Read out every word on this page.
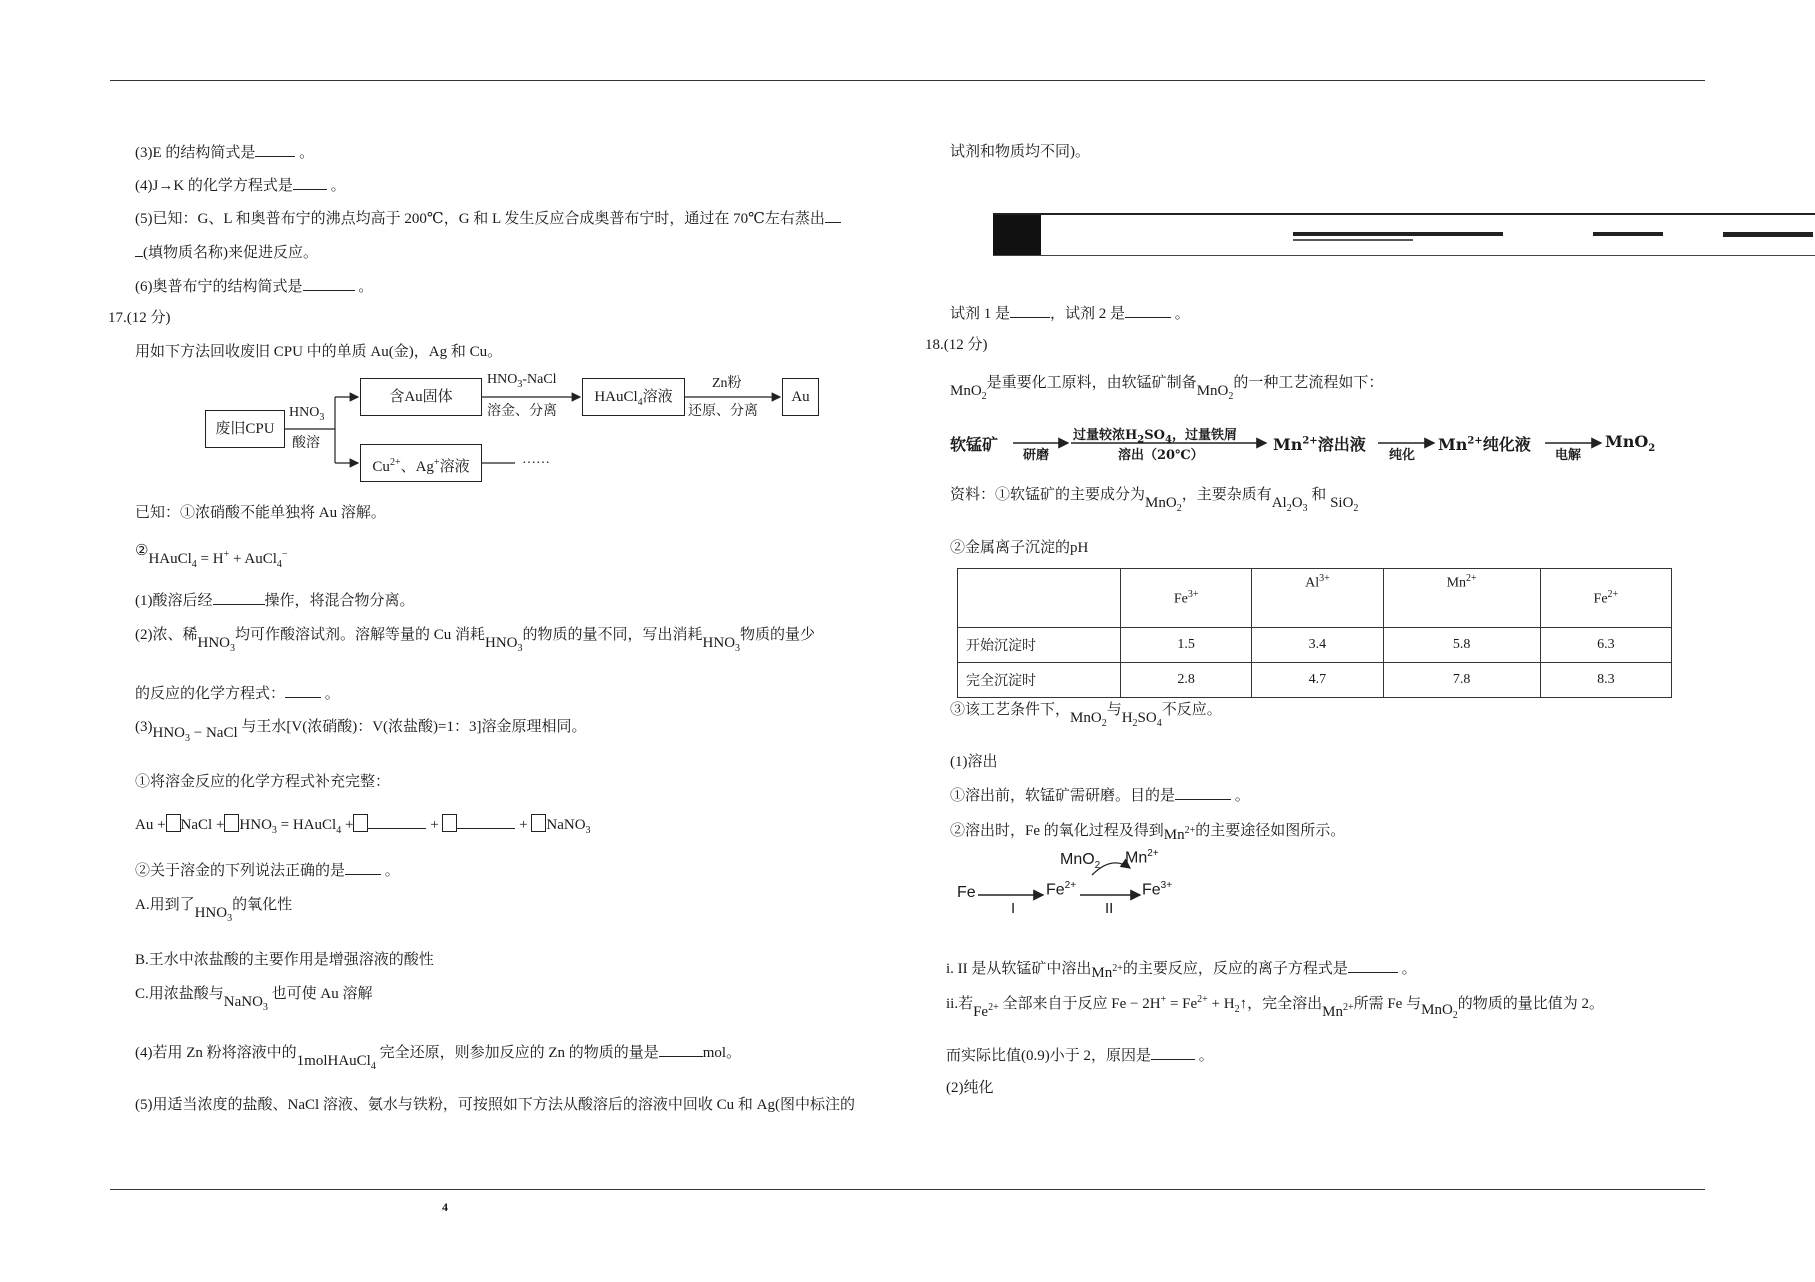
(3)E 的结构简式是	。
(4)J→K 的化学方程式是 。
(5)已知：G、L 和奥普布宁的沸点均高于 200℃，G 和 L 发生反应合成奥普布宁时，通过在 70℃左右蒸出
(填物质名称)来促进反应。
(6)奥普布宁的结构简式是	。
17.(12 分)
用如下方法回收废旧 CPU 中的单质 Au(金)，Ag 和 Cu。
废旧CPU
$HNO_3$
酸溶
含Au固体
$HNO_3$-NaCl
溶金、分离
HAuCl$_4$溶液
Zn粉
还原、分离
Au
$Cu^{2+}$、Ag+溶液	……
已知：①浓硝酸不能单独将 Au 溶解。
②HAuCl$_4$ = H+ + AuCl$_4$−
(1)酸溶后经	操作，将混合物分离。
(2)浓、稀$HNO_3$均可作酸溶试剂。溶解等量的 Cu 消耗$HNO_3$的物质的量不同，写出消耗$HNO_3$物质的量少
的反应的化学方程式： 。
$(3)HNO_3$ − NaCl 与王水[V(浓硝酸)：V(浓盐酸)=1：3]溶金原理相同。
①将溶金反应的化学方程式补充完整：
Au + NaCl + $HNO_3$ = HAuCl$_4$ +	+	+ NaNO$_3$
②关于溶金的下列说法正确的是 。
A.用到了$HNO_3$的氧化性
B.王水中浓盐酸的主要作用是增强溶液的酸性
C.用浓盐酸与NaNO$_3$ 也可使 Au 溶解
(4)若用 Zn 粉将溶液中的1molHAuCl$_4$ 完全还原，则参加反应的 Zn 的物质的量是	mol。
(5)用适当浓度的盐酸、NaCl 溶液、氨水与铁粉，可按照如下方法从酸溶后的溶液中回收 Cu 和 Ag(图中标注的
试剂和物质均不同)。
试剂 1 是	，试剂 2 是	。
18.(12 分)
MnO$_2$是重要化工原料，由软锰矿制备MnO$_2$的一种工艺流程如下：
软锰矿
研磨
过量较浓$H_2SO_4$，过量铁屑
溶出（20℃）
$Mn^{2+}$溶出液
纯化
$Mn^{2+}$纯化液
电解
MnO$_2$
资料：①软锰矿的主要成分为MnO$_2$，主要杂质有$Al_2O_3$ 和 SiO$_2$
②金属离子沉淀的pH
	$Fe^{3+}$	$Al^{3+}$	$Mn^{2+}$	$Fe^{2+}$
开始沉淀时	1.5	3.4	5.8	6.3
完全沉淀时	2.8	4.7	7.8	8.3
③该工艺条件下，MnO$_2$与$H_2SO_4$不反应。
(1)溶出
①溶出前，软锰矿需研磨。目的是	。
②溶出时，Fe 的氧化过程及得到$Mn^{2+}$的主要途径如图所示。
Fe	$Fe^{2+}$	$Fe^{3+}$
MnO$_2$ $Mn^{2+}$
I	II
i. II 是从软锰矿中溶出$Mn^{2+}$的主要反应，反应的离子方程式是	。
ii.若$Fe^{2+}$ 全部来自于反应 $Fe - 2H^+ = Fe^{2+}$ + $H_2↑$，完全溶出$Mn^{2+}$所需 Fe 与MnO$_2$的物质的量比值为 2。
而实际比值(0.9)小于 2，原因是	。
(2)纯化
4
